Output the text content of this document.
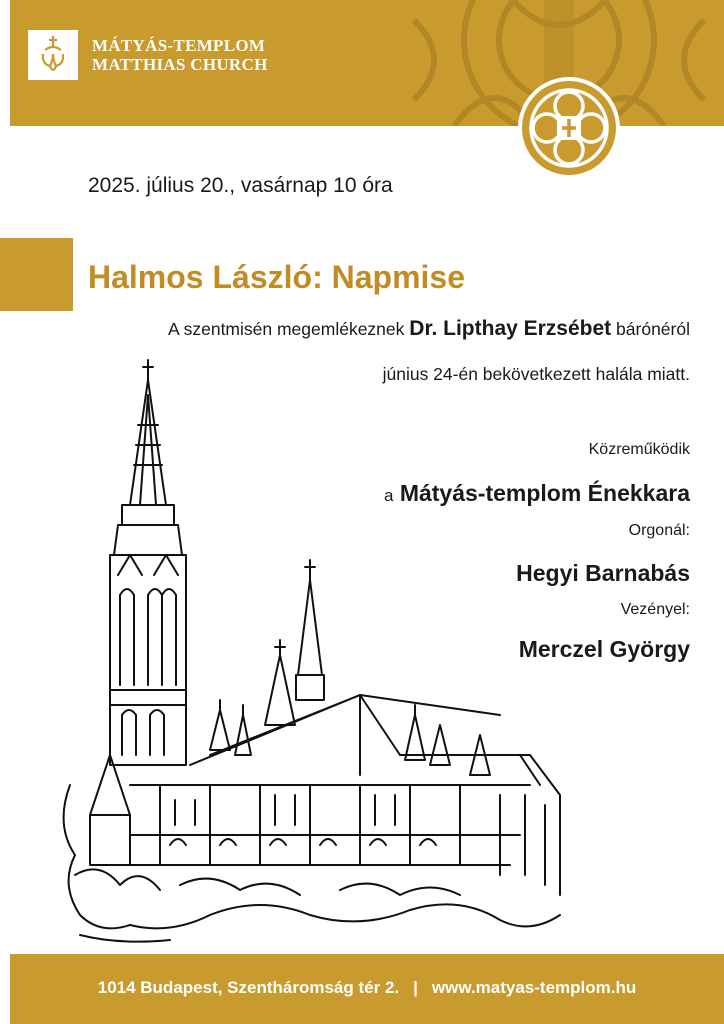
MÁTYÁS-TEMPLOM
MATTHIAS CHURCH
2025. július 20., vasárnap 10 óra
Halmos László: Napmise
A szentmisén megemlékeznek Dr. Lipthay Erzsébet bárónéról
június 24-én bekövetkezett halála miatt.
Közreműködik
a Mátyás-templom Énekkara
Orgonál:
Hegyi Barnabás
Vezényel:
Merczel György
1014 Budapest, Szentháromság tér 2. | www.matyas-templom.hu
